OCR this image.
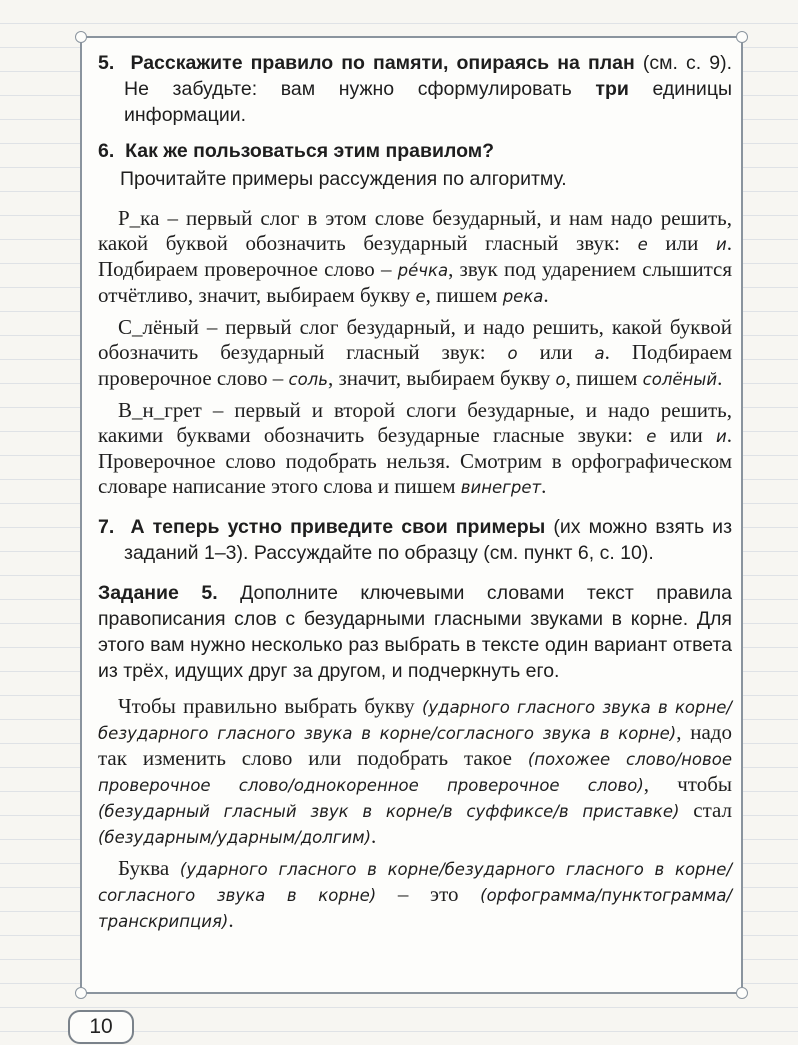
5. Расскажите правило по памяти, опираясь на план (см. с. 9). Не забудьте: вам нужно сформулировать три единицы информации.

6. Как же пользоваться этим правилом?

Прочитайте примеры рассуждения по алгоритму.

Р_ка – первый слог в этом слове безударный, и нам надо решить, какой буквой обозначить безударный гласный звук: е или и. Подбираем проверочное слово – ре́чка, звук под ударением слышится отчётливо, значит, выбираем букву е, пишем река.

С_лёный – первый слог безударный, и надо решить, какой буквой обозначить безударный гласный звук: о или а. Подбираем проверочное слово – соль, значит, выбираем букву о, пишем солёный.

В_н_грет – первый и второй слоги безударные, и надо решить, какими буквами обозначить безударные гласные звуки: е или и. Проверочное слово подобрать нельзя. Смотрим в орфографическом словаре написание этого слова и пишем винегрет.

7. А теперь устно приведите свои примеры (их можно взять из заданий 1–3). Рассуждайте по образцу (см. пункт 6, с. 10).

Задание 5. Дополните ключевыми словами текст правила правописания слов с безударными гласными звуками в корне. Для этого вам нужно несколько раз выбрать в тексте один вариант ответа из трёх, идущих друг за другом, и подчеркнуть его.

Чтобы правильно выбрать букву (ударного гласного звука в корне/безударного гласного звука в корне/согласного звука в корне), надо так изменить слово или подобрать такое (похожее слово/новое проверочное слово/однокоренное проверочное слово), чтобы (безударный гласный звук в корне/в суффиксе/в приставке) стал (безударным/ударным/долгим).

Буква (ударного гласного в корне/безударного гласного в корне/ согласного звука в корне) – это (орфограмма/пунктограмма/транскрипция).

10
